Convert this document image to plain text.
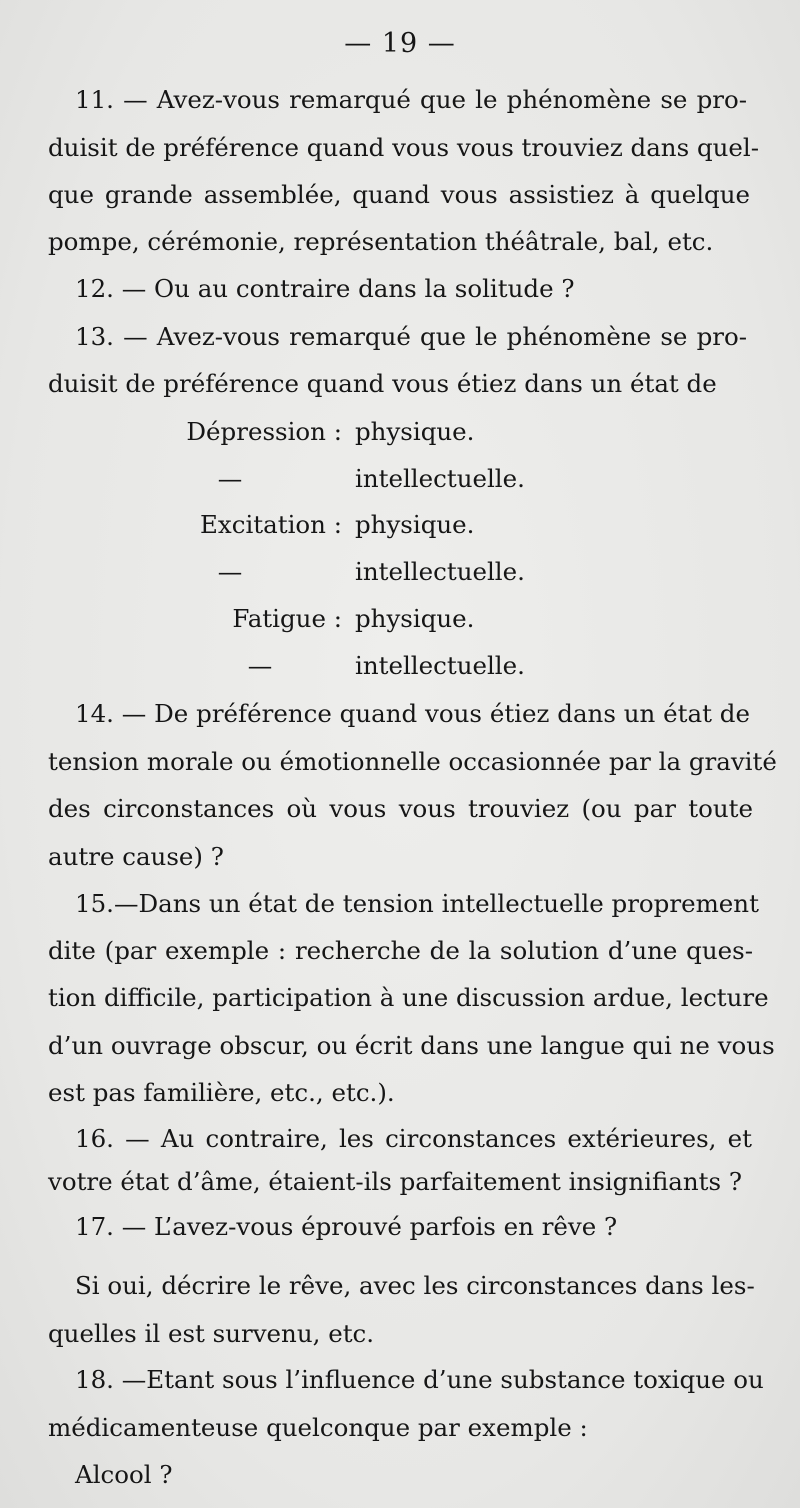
— 19 —
11. — Avez-vous remarqué que le phénomène se pro-
duisit de préférence quand vous vous trouviez dans quel-
que grande assemblée, quand vous assistiez à quelque
pompe, cérémonie, représentation théâtrale, bal, etc.
12. — Ou au contraire dans la solitude ?
13. — Avez-vous remarqué que le phénomène se pro-
duisit de préférence quand vous étiez dans un état de
Dépression : physique.
—	intellectuelle.
Excitation : physique.
—	intellectuelle.
Fatigue : physique.
—	intellectuelle.
14. — De préférence quand vous étiez dans un état de
tension morale ou émotionnelle occasionnée par la gravité
des circonstances où vous vous trouviez (ou par toute
autre cause) ?
15.—Dans un état de tension intellectuelle proprement
dite (par exemple : recherche de la solution d’une ques-
tion difficile, participation à une discussion ardue, lecture
d’un ouvrage obscur, ou écrit dans une langue qui ne vous
est pas familière, etc., etc.).
16. — Au contraire, les circonstances extérieures, et
votre état d’âme, étaient-ils parfaitement insignifiants ?
17. — L’avez-vous éprouvé parfois en rêve ?
Si oui, décrire le rêve, avec les circonstances dans les-
quelles il est survenu, etc.
18. —Etant sous l’influence d’une substance toxique ou
médicamenteuse quelconque par exemple :
Alcool ?
